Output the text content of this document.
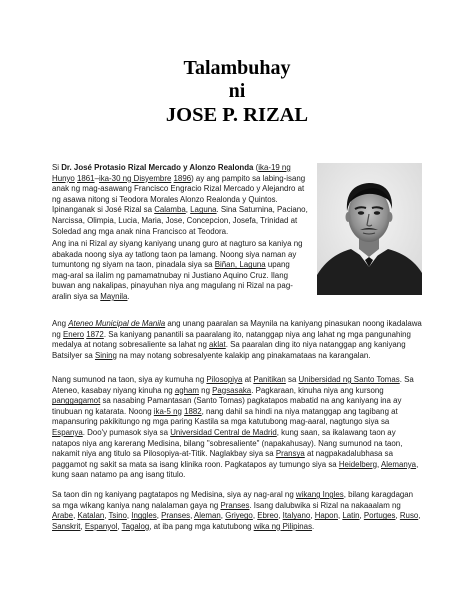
Talambuhay
ni
JOSE P. RIZAL

Si Dr. José Protasio Rizal Mercado y Alonzo Realonda (ika-19 ng Hunyo 1861–ika-30 ng Disyembre 1896) ay ang pampito sa labing-isang anak ng mag-asawang Francisco Engracio Rizal Mercado y Alejandro at ng asawa nitong si Teodora Morales Alonzo Realonda y Quintos. Ipinanganak si José Rizal sa Calamba, Laguna. Sina Saturnina, Paciano, Narcissa, Olimpia, Lucia, Maria, Jose, Concepcion, Josefa, Trinidad at Soledad ang mga anak nina Francisco at Teodora.

Ang ina ni Rizal ay siyang kaniyang unang guro at nagturo sa kaniya ng abakada noong siya ay tatlong taon pa lamang. Noong siya naman ay tumuntong ng siyam na taon, pinadala siya sa Biñan, Laguna upang mag-aral sa ilalim ng pamamatnubay ni Justiano Aquino Cruz. Ilang buwan ang nakalipas, pinayuhan niya ang magulang ni Rizal na pag-aralin siya sa Maynila.

Ang Ateneo Municipal de Manila ang unang paaralan sa Maynila na kaniyang pinasukan noong ikadalawa ng Enero 1872. Sa kaniyang panantili sa paaralang ito, natanggap niya ang lahat ng mga pangunahing medalya at notang sobresaliente sa lahat ng aklat. Sa paaralan ding ito niya natanggap ang kaniyang Batsilyer sa Sining na may notang sobresalyente kalakip ang pinakamataas na karangalan.

Nang sumunod na taon, siya ay kumuha ng Pilosopiya at Panitikan sa Unibersidad ng Santo Tomas. Sa Ateneo, kasabay niyang kinuha ng agham ng Pagsasaka. Pagkaraan, kinuha niya ang kursong panggagamot sa nasabing Pamantasan (Santo Tomas) pagkatapos mabatid na ang kaniyang ina ay tinubuan ng katarata. Noong ika-5 ng 1882, nang dahil sa hindi na niya matanggap ang tagibang at mapansuring pakikitungo ng mga paring Kastila sa mga katutubong mag-aaral, nagtungo siya sa Espanya. Doo'y pumasok siya sa Universidad Central de Madrid, kung saan, sa ikalawang taon ay natapos niya ang karerang Medisina, bilang "sobresaliente" (napakahusay). Nang sumunod na taon, nakamit niya ang titulo sa Pilosopiya-at-Titik. Naglakbay siya sa Pransya at nagpakadalubhasa sa paggamot ng sakit sa mata sa isang klinika roon. Pagkatapos ay tumungo siya sa Heidelberg, Alemanya, kung saan natamo pa ang isang titulo.

Sa taon din ng kaniyang pagtatapos ng Medisina, siya ay nag-aral ng wikang Ingles, bilang karagdagan sa mga wikang kaniya nang nalalaman gaya ng Pranses. Isang dalubwika si Rizal na nakaaalam ng Arabe, Katalan, Tsino, Inggles, Pranses, Aleman, Griyego, Ebreo, Italyano, Hapon, Latin, Portuges, Ruso, Sanskrit, Espanyol, Tagalog, at iba pang mga katutubong wika ng Pilipinas.
